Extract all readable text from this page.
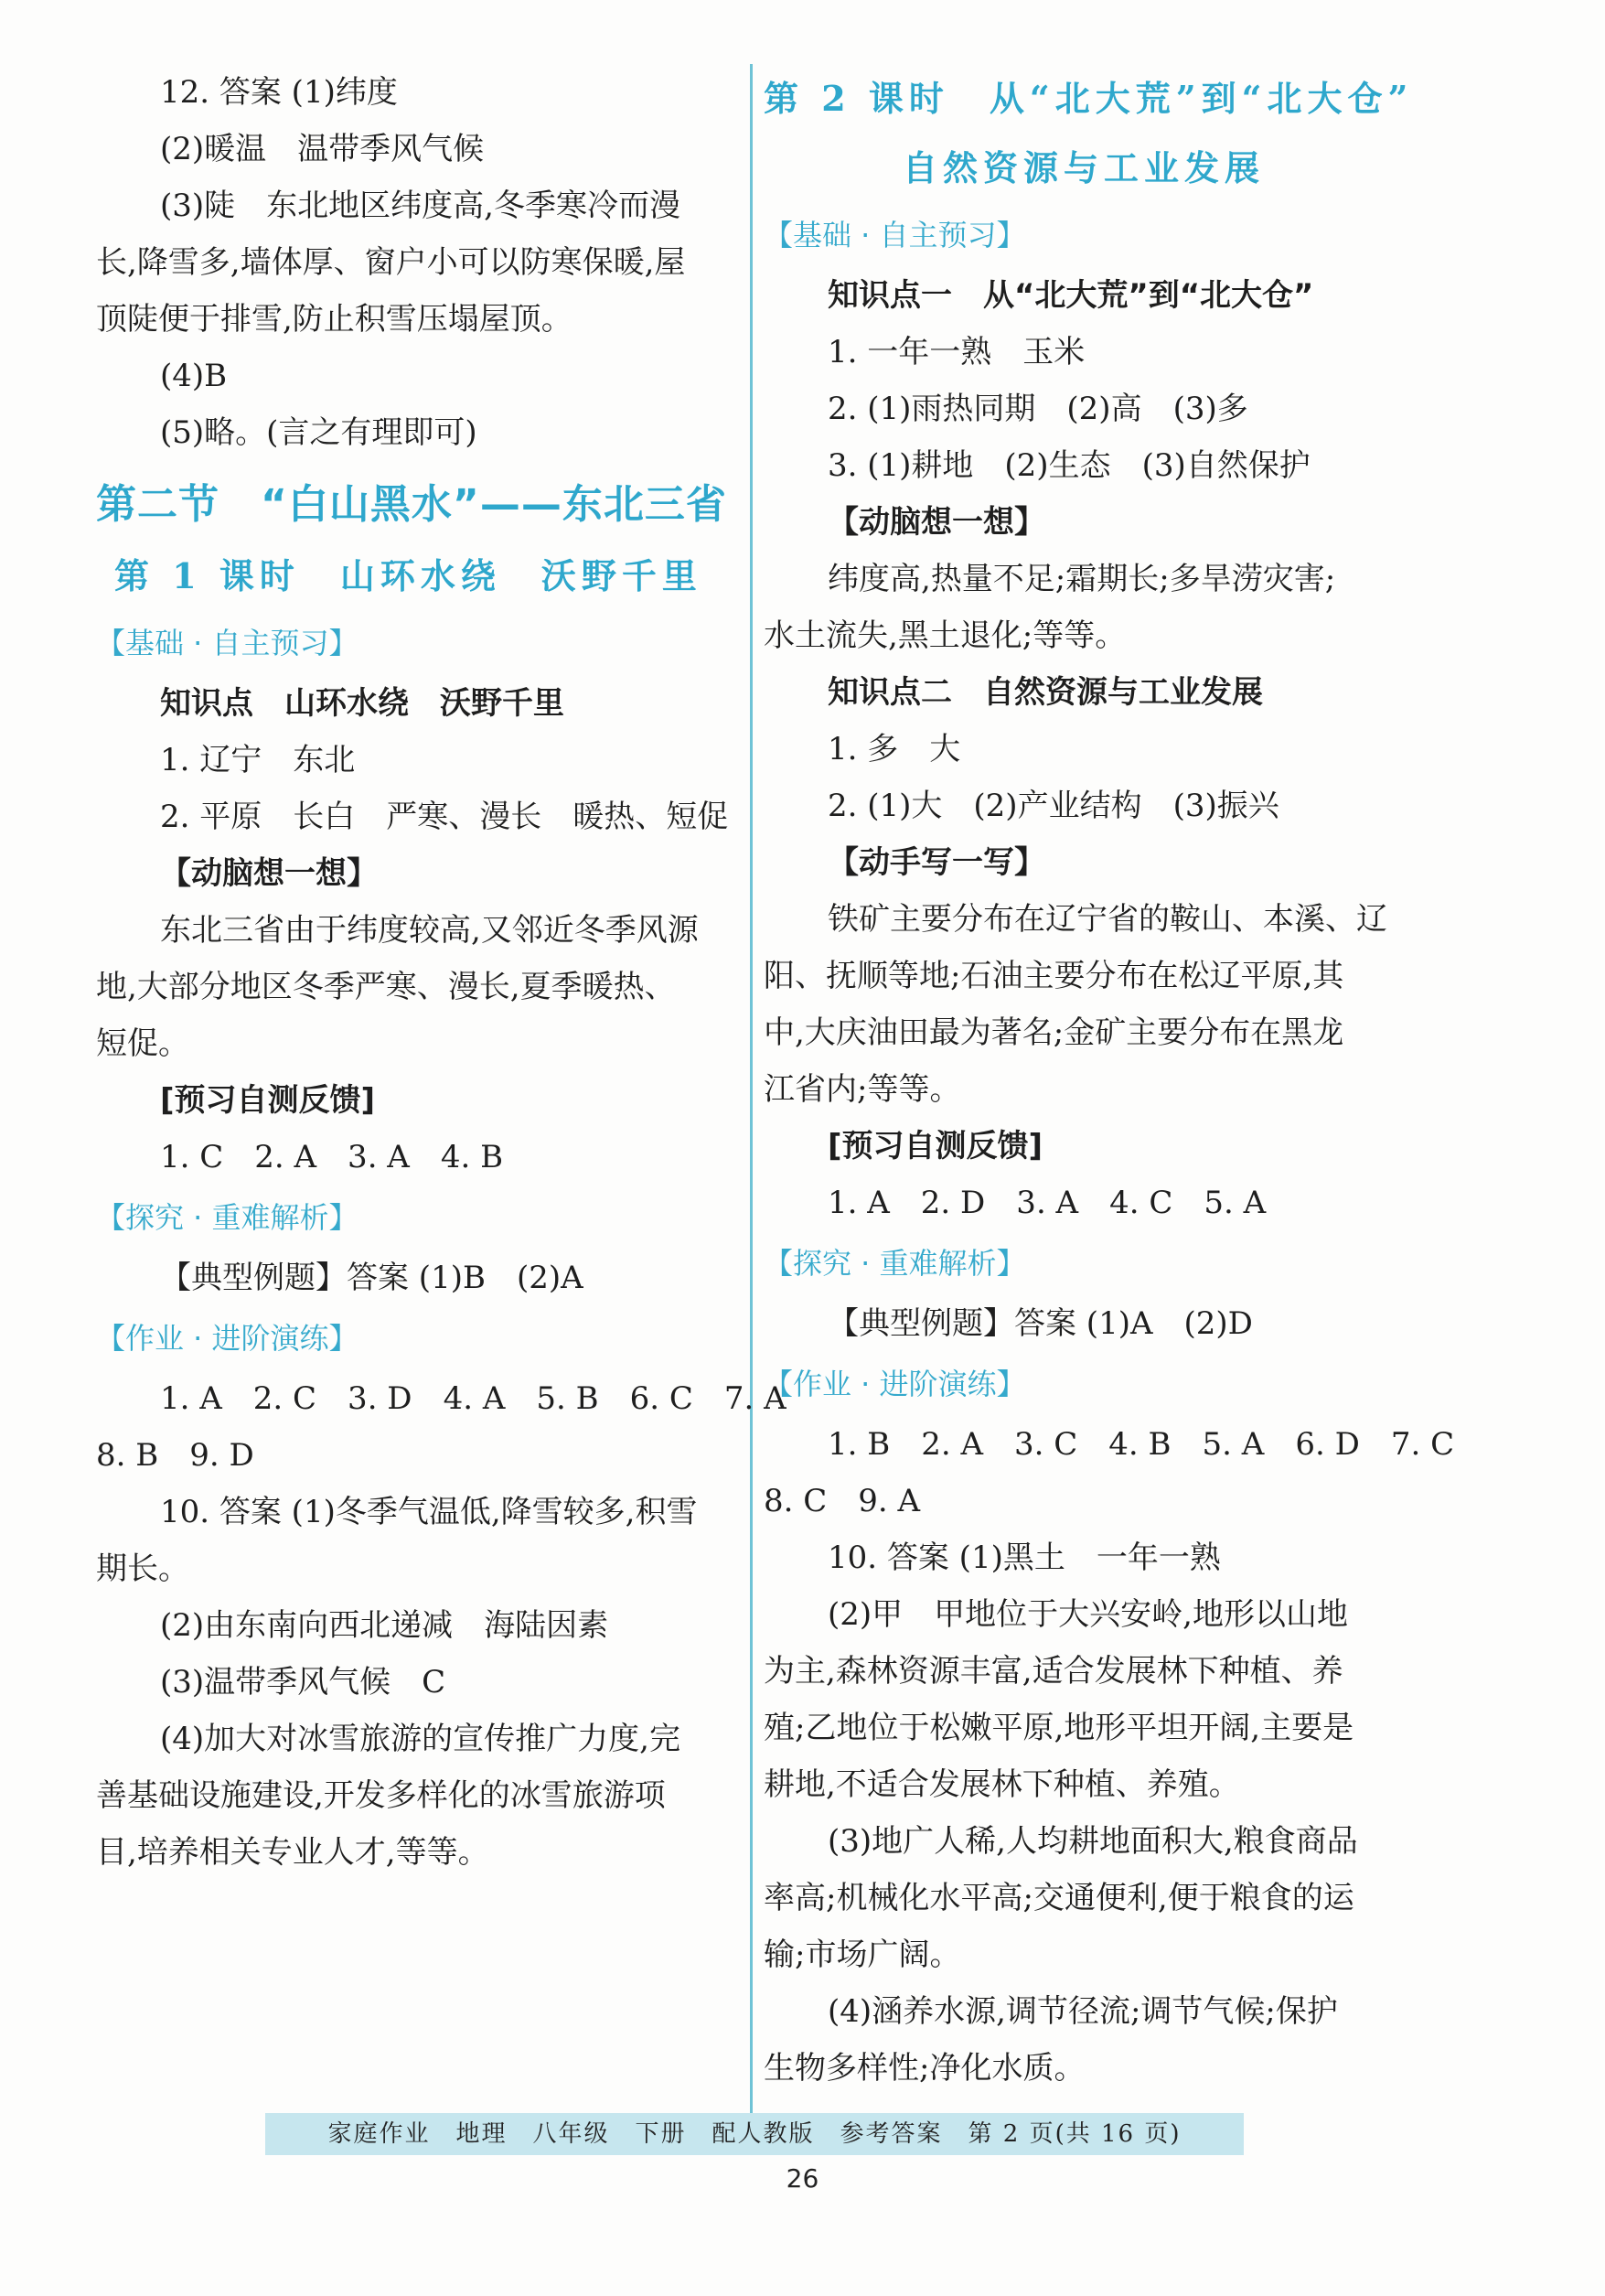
12. 答案 (1)纬度
(2)暖温　温带季风气候
(3)陡　东北地区纬度高,冬季寒冷而漫
长,降雪多,墙体厚、窗户小可以防寒保暖,屋
顶陡便于排雪,防止积雪压塌屋顶。
(4)B
(5)略。(言之有理即可)
第二节　“白山黑水”——东北三省
第 1 课时　山环水绕　沃野千里
【基础 · 自主预习】
知识点　山环水绕　沃野千里
1. 辽宁　东北
2. 平原　长白　严寒、漫长　暖热、短促
【动脑想一想】
东北三省由于纬度较高,又邻近冬季风源
地,大部分地区冬季严寒、漫长,夏季暖热、
短促。
[预习自测反馈]
1. C　2. A　3. A　4. B
【探究 · 重难解析】
【典型例题】答案 (1)B　(2)A
【作业 · 进阶演练】
1. A　2. C　3. D　4. A　5. B　6. C　7. A
8. B　9. D
10. 答案 (1)冬季气温低,降雪较多,积雪
期长。
(2)由东南向西北递减　海陆因素
(3)温带季风气候　C
(4)加大对冰雪旅游的宣传推广力度,完
善基础设施建设,开发多样化的冰雪旅游项
目,培养相关专业人才,等等。
第 2 课时　从“北大荒”到“北大仓”
自然资源与工业发展
【基础 · 自主预习】
知识点一　从“北大荒”到“北大仓”
1. 一年一熟　玉米
2. (1)雨热同期　(2)高　(3)多
3. (1)耕地　(2)生态　(3)自然保护
【动脑想一想】
纬度高,热量不足;霜期长;多旱涝灾害;
水土流失,黑土退化;等等。
知识点二　自然资源与工业发展
1. 多　大
2. (1)大　(2)产业结构　(3)振兴
【动手写一写】
铁矿主要分布在辽宁省的鞍山、本溪、辽
阳、抚顺等地;石油主要分布在松辽平原,其
中,大庆油田最为著名;金矿主要分布在黑龙
江省内;等等。
[预习自测反馈]
1. A　2. D　3. A　4. C　5. A
【探究 · 重难解析】
【典型例题】答案 (1)A　(2)D
【作业 · 进阶演练】
1. B　2. A　3. C　4. B　5. A　6. D　7. C
8. C　9. A
10. 答案 (1)黑土　一年一熟
(2)甲　甲地位于大兴安岭,地形以山地
为主,森林资源丰富,适合发展林下种植、养
殖;乙地位于松嫩平原,地形平坦开阔,主要是
耕地,不适合发展林下种植、养殖。
(3)地广人稀,人均耕地面积大,粮食商品
率高;机械化水平高;交通便利,便于粮食的运
输;市场广阔。
(4)涵养水源,调节径流;调节气候;保护
生物多样性;净化水质。
家庭作业　地理　八年级　下册　配人教版　参考答案　第 2 页(共 16 页)
26
